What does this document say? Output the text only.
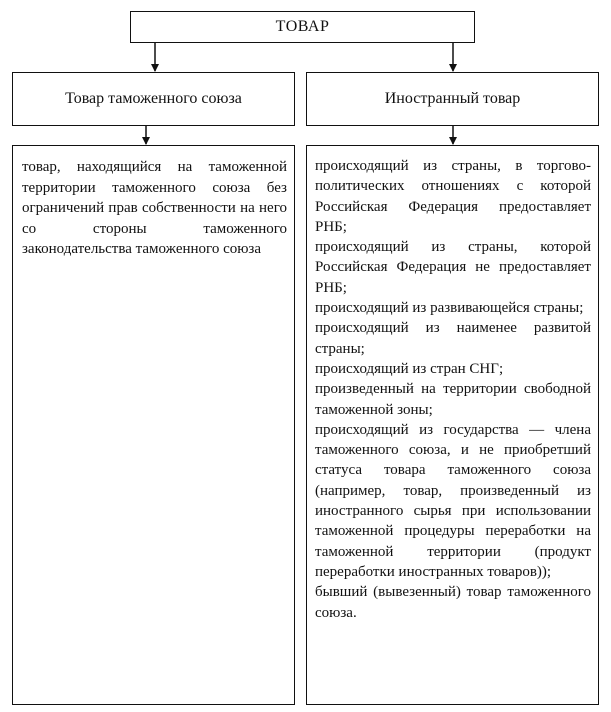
ТОВАР
Товар таможенного союза	Иностранный товар
товар, находящийся на таможенной территории таможенного союза без ограничений прав собственности на него со стороны таможенного законодательства таможенного союза
происходящий из страны, в торгово-политических отношениях с которой Российская Федерация предоставляет РНБ;
происходящий из страны, которой Российская Федерация не предоставляет РНБ;
происходящий из развивающейся страны;
происходящий из наименее развитой страны;
происходящий из стран СНГ;
произведенный на территории свободной таможенной зоны;
происходящий из государства — члена таможенного союза, и не приобретший статуса товара таможенного союза (например, товар, произведенный из иностранного сырья при использовании таможенной процедуры переработки на таможенной территории (продукт переработки иностранных товаров));
бывший (вывезенный) товар таможенного союза.
